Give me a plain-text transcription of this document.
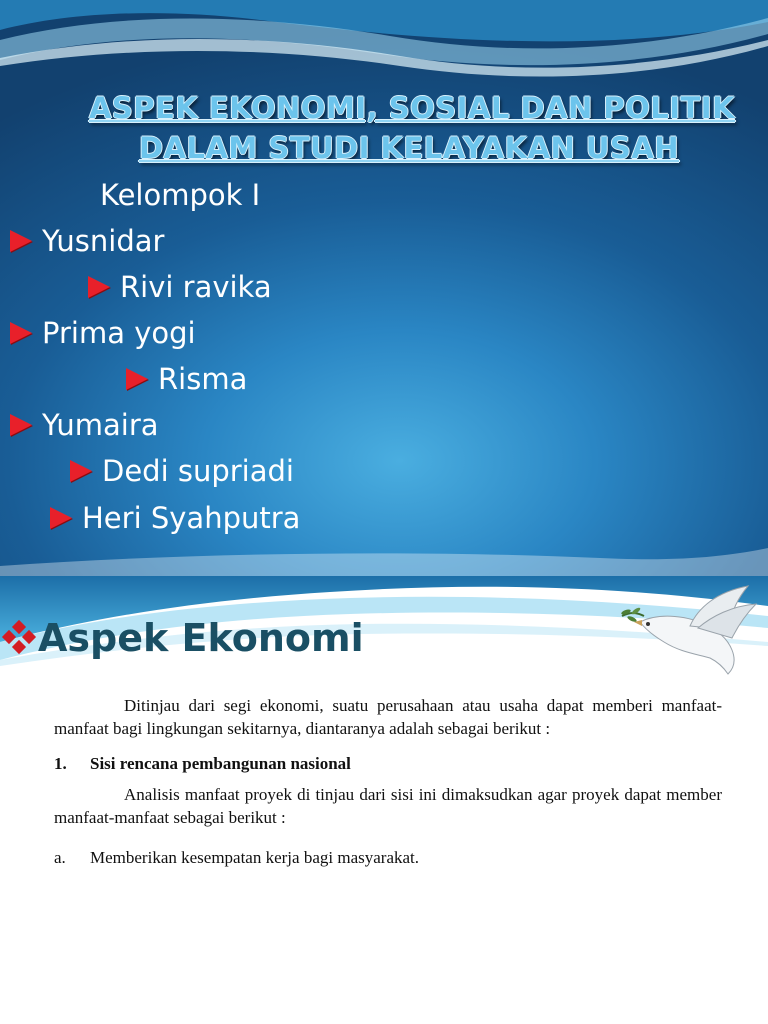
ASPEK EKONOMI, SOSIAL DAN POLITIK
DALAM STUDI KELAYAKAN USAH
Kelompok I
Yusnidar
Rivi ravika
Prima yogi
Risma
Yumaira
Dedi supriadi
Heri Syahputra
Aspek Ekonomi

Ditinjau dari segi ekonomi, suatu perusahaan atau usaha dapat memberi manfaat-manfaat bagi lingkungan sekitarnya, diantaranya adalah sebagai berikut :

1. Sisi rencana pembangunan nasional

Analisis manfaat proyek di tinjau dari sisi ini dimaksudkan agar proyek dapat member manfaat-manfaat sebagai berikut :

a. Memberikan kesempatan kerja bagi masyarakat.
